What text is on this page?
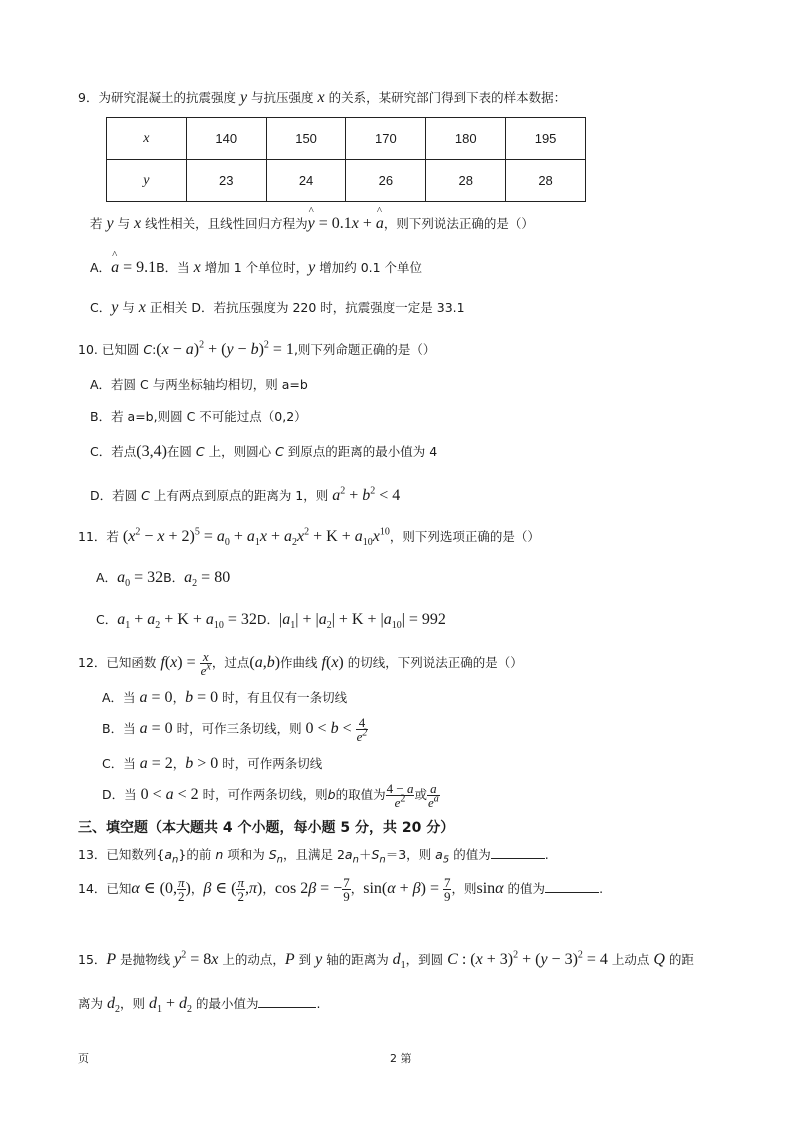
9．为研究混凝土的抗震强度 y 与抗压强度 x 的关系，某研究部门得到下表的样本数据：
x	140	150	170	180	195
y	23	24	26	28	28
若 y 与 x 线性相关，且线性回归方程为^ y = 0.1x + ^ a，则下列说法正确的是（）
A．^ a = 9.1B．当 x 增加 1 个单位时，y 增加约 0.1 个单位
C．y 与 x 正相关 D．若抗压强度为 220 时，抗震强度一定是 33.1
10. 已知圆 C:(x − $a)^2 + (y - b)^2 = 1$,则下列命题正确的是（）
A．若圆 C 与两坐标轴均相切，则 a=b
B．若 a=b,则圆 C 不可能过点（0,2）
C．若点(3,4)在圆 C 上，则圆心 C 到原点的距离的最小值为 4
D．若圆 C 上有两点到原点的距离为 1，则 $a^2 + b^2 < 4$
11．若 $(x^2 - x + 2)^5 = a_0 + a_1x + a_2x^2 + K + a_{10}x^{10}$，则下列选项正确的是（）
A．$a_0 = 32B$．$a_2 = 80$
C．$a_1 + a_2 + K + a_{10} = 32D$．$|a_1| + |a_2| + K + |a_{10}| = 992$
12．已知函数 $f(x) = \frac{x}{e^x}$ ，过点(a,b)作曲线 f(x) 的切线，下列说法正确的是（）
A．当 a = 0，b = 0 时，有且仅有一条切线
B．当 a = 0 时，可作三条切线，则 $0 < b < \frac{4}{e^2}$
C．当 a = 2，b > 0 时，可作两条切线
D．当 0 < a < 2 时，可作两条切线，则b的取值为 $\frac{4 - a}{e^2}$ 或 $\frac{a}{e^a}$
三、填空题（本大题共 4 个小题，每小题 5 分，共 20 分）
13．已知数列$\{a_n\}$的前 n 项和为 $S_n$，且满足 $2a_n+S_n=3$，则 $a_5$ 的值为	.
14．已知α ∈ (0, $\frac{\pi}{2}$ )，β ∈ ( $\frac{\pi}{2} ,\pi$)，cos 2β = − $\frac{7}{9}$ ，$\sin(\alpha + \beta) = \frac{7}{9}$ ，则sinα 的值为	.
15．P 是抛物线 $y^2 = 8x$ 上的动点，P 到 y 轴的距离为 $d_1$，到圆 C : $(x + 3)^2 + (y - 3)^2 = 4$ 上动点 Q 的距
离为 $d_2$，则 $d_1 + d_2$ 的最小值为	.
页	2 第
